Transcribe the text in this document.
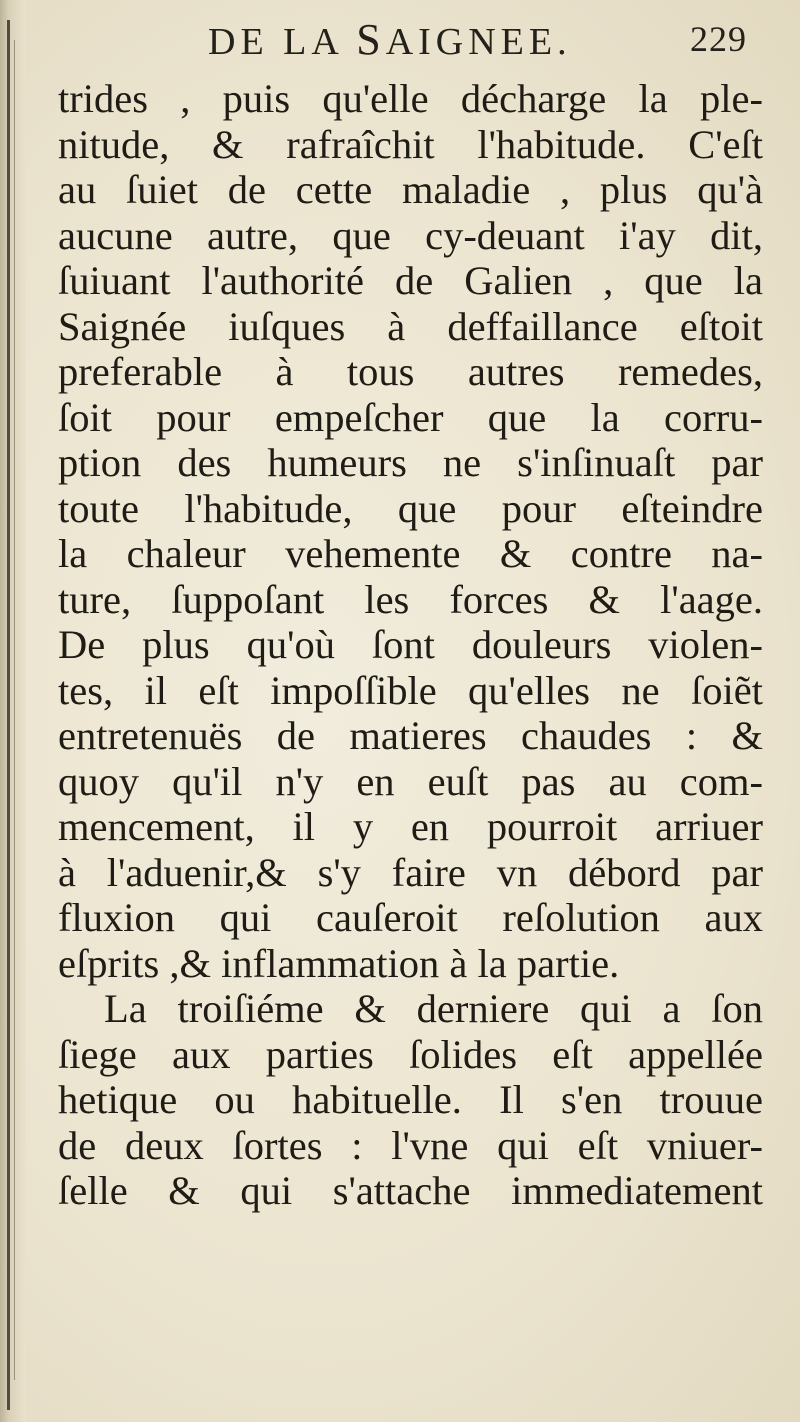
DE LA SAIGNEE.	229
trides , puis qu'elle décharge la ple-
nitude, & rafraîchit l'habitude. C'eſt
au ſuiet de cette maladie , plus qu'à
aucune autre, que cy-deuant i'ay dit,
ſuiuant l'authorité de Galien , que la
Saignée iuſques à deffaillance eſtoit
preferable à tous autres remedes,
ſoit pour empeſcher que la corru-
ption des humeurs ne s'inſinuaſt par
toute l'habitude, que pour eſteindre
la chaleur vehemente & contre na-
ture, ſuppoſant les forces & l'aage.
De plus qu'où ſont douleurs violen-
tes, il eſt impoſſible qu'elles ne ſoiẽt
entretenuës de matieres chaudes : &
quoy qu'il n'y en euſt pas au com-
mencement, il y en pourroit arriuer
à l'aduenir,& s'y faire vn débord par
fluxion qui cauſeroit reſolution aux
eſprits ,& inflammation à la partie.
La troiſiéme & derniere qui a ſon
ſiege aux parties ſolides eſt appellée
hetique ou habituelle. Il s'en trouue
de deux ſortes : l'vne qui eſt vniuer-
ſelle & qui s'attache immediatement
